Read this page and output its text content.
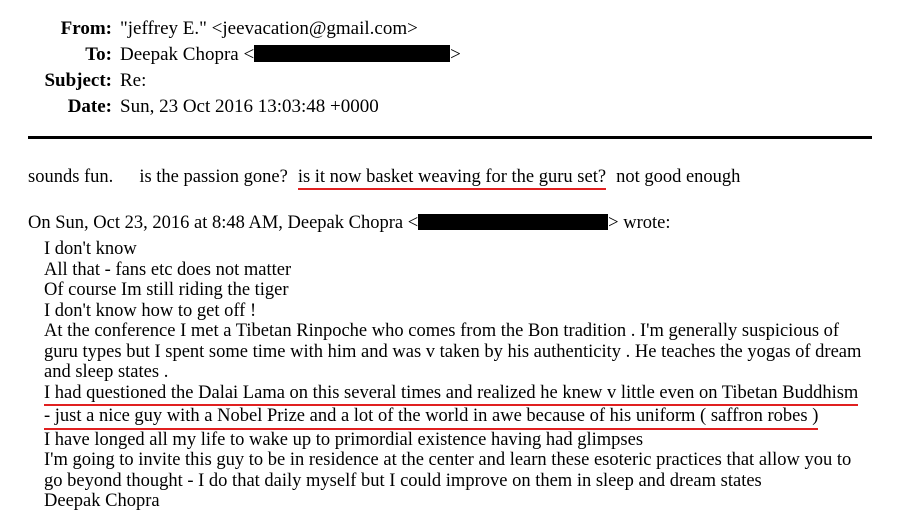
From: "jeffrey E." <jeevacation@gmail.com>
To: Deepak Chopra <	>
Subject: Re:
Date: Sun, 23 Oct 2016 13:03:48 +0000
sounds fun. is the passion gone? is it now basket weaving for the guru set? not good enough
On Sun, Oct 23, 2016 at 8:48 AM, Deepak Chopra <	> wrote:

I don't know

All that - fans etc does not matter

Of course Im still riding the tiger

I don't know how to get off !

At the conference I met a Tibetan Rinpoche who comes from the Bon tradition . I'm generally suspicious of

guru types but I spent some time with him and was v taken by his authenticity . He teaches the yogas of dream

and sleep states .

I had questioned the Dalai Lama on this several times and realized he knew v little even on Tibetan Buddhism
- just a nice guy with a Nobel Prize and a lot of the world in awe because of his uniform ( saffron robes )

I have longed all my life to wake up to primordial existence having had glimpses

I'm going to invite this guy to be in residence at the center and learn these esoteric practices that allow you to

go beyond thought - I do that daily myself but I could improve on them in sleep and dream states

Deepak Chopra
